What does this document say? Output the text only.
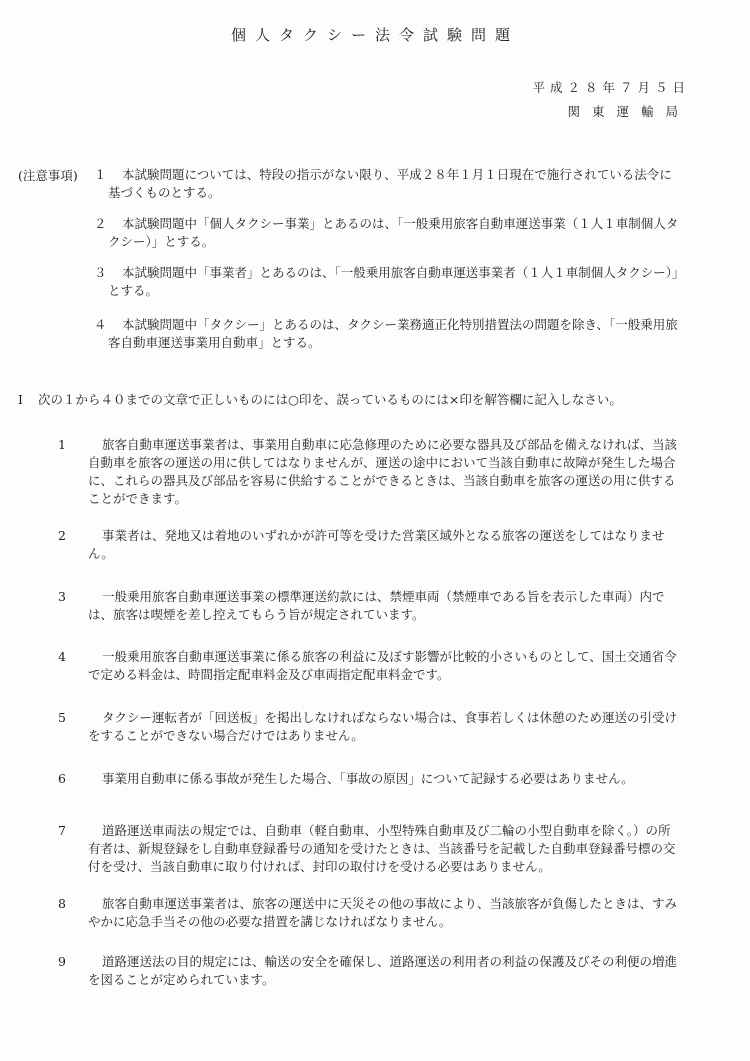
個人タクシー法令試験問題
平成２８年７月５日
関東運輸局
(注意事項) １	本試験問題については、特段の指示がない限り、平成２８年１月１日現在で施行されている法令に基づくものとする。
２	本試験問題中「個人タクシー事業」とあるのは、「一般乗用旅客自動車運送事業（１人１車制個人タクシー）」とする。
３	本試験問題中「事業者」とあるのは、「一般乗用旅客自動車運送事業者（１人１車制個人タクシー）」とする。
４	本試験問題中「タクシー」とあるのは、タクシー業務適正化特別措置法の問題を除き、「一般乗用旅客自動車運送事業用自動車」とする。
I 次の１から４０までの文章で正しいものには○印を、誤っているものには×印を解答欄に記入しなさい。
1	旅客自動車運送事業者は、事業用自動車に応急修理のために必要な器具及び部品を備えなければ、当該自動車を旅客の運送の用に供してはなりませんが、運送の途中において当該自動車に故障が発生した場合に、これらの器具及び部品を容易に供給することができるときは、当該自動車を旅客の運送の用に供することができます。
2	事業者は、発地又は着地のいずれかが許可等を受けた営業区域外となる旅客の運送をしてはなりません。
3	一般乗用旅客自動車運送事業の標準運送約款には、禁煙車両（禁煙車である旨を表示した車両）内では、旅客は喫煙を差し控えてもらう旨が規定されています。
4	一般乗用旅客自動車運送事業に係る旅客の利益に及ぼす影響が比較的小さいものとして、国土交通省令で定める料金は、時間指定配車料金及び車両指定配車料金です。
5	タクシー運転者が「回送板」を掲出しなければならない場合は、食事若しくは休憩のため運送の引受けをすることができない場合だけではありません。
6	事業用自動車に係る事故が発生した場合、「事故の原因」について記録する必要はありません。
7	道路運送車両法の規定では、自動車（軽自動車、小型特殊自動車及び二輪の小型自動車を除く。）の所有者は、新規登録をし自動車登録番号の通知を受けたときは、当該番号を記載した自動車登録番号標の交付を受け、当該自動車に取り付ければ、封印の取付けを受ける必要はありません。
8	旅客自動車運送事業者は、旅客の運送中に天災その他の事故により、当該旅客が負傷したときは、すみやかに応急手当その他の必要な措置を講じなければなりません。
9	道路運送法の目的規定には、輸送の安全を確保し、道路運送の利用者の利益の保護及びその利便の増進を図ることが定められています。
